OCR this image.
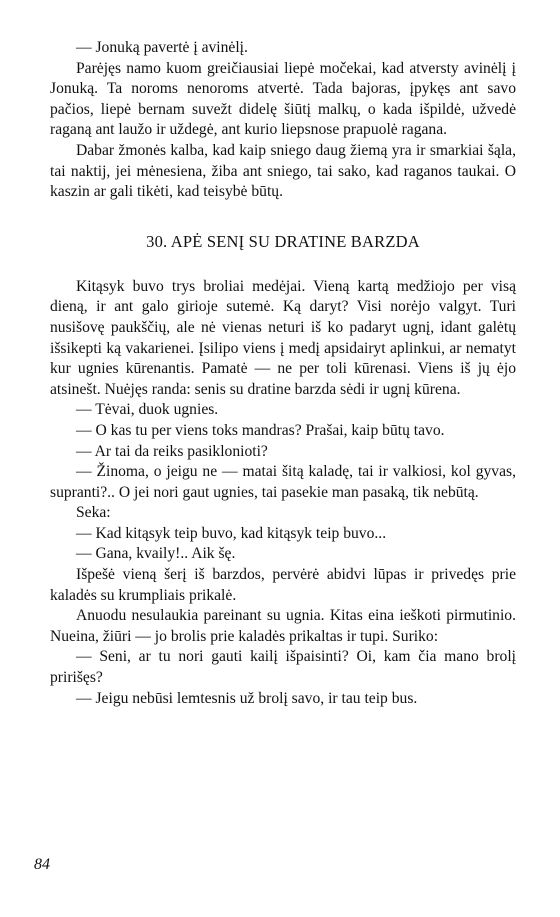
— Jonuką pavertė į avinėlį.

Parėjęs namo kuom greičiausiai liepė močekai, kad atversty avinėlį į Jonuką. Ta noroms nenoroms atvertė. Tada bajoras, įpykęs ant savo pačios, liepė bernam suvežt didelę šiūtį malkų, o kada išpildė, užvedė raganą ant laužo ir uždegė, ant kurio liepsnose prapuolė ragana.

Dabar žmonės kalba, kad kaip sniego daug žiemą yra ir smarkiai šąla, tai naktij, jei mėnesiena, žiba ant sniego, tai sako, kad raganos taukai. O kaszin ar gali tikėti, kad teisybė būtų.

30. APĖ SENĮ SU DRATINE BARZDA

Kitąsyk buvo trys broliai medėjai. Vieną kartą medžiojo per visą dieną, ir ant galo girioje sutemė. Ką daryt? Visi norėjo valgyt. Turi nusišovę paukščių, ale nė vienas neturi iš ko padaryt ugnį, idant galėtų išsikepti ką vakarienei. Įsilipo viens į medį apsidairyt aplinkui, ar nematyt kur ugnies kūrenantis. Pamatė — ne per toli kūrenasi. Viens iš jų ėjo atsinešt. Nuėjęs randa: senis su dratine barzda sėdi ir ugnį kūrena.

— Tėvai, duok ugnies.

— O kas tu per viens toks mandras? Prašai, kaip būtų tavo.

— Ar tai da reiks pasiklonioti?

— Žinoma, o jeigu ne — matai šitą kaladę, tai ir valkiosi, kol gyvas, supranti?.. O jei nori gaut ugnies, tai pasekie man pasaką, tik nebūtą.

Seka:

— Kad kitąsyk teip buvo, kad kitąsyk teip buvo...

— Gana, kvaily!.. Aik šę.

Išpešė vieną šerį iš barzdos, pervėrė abidvi lūpas ir privedęs prie kaladės su krumpliais prikalė.

Anuodu nesulaukia pareinant su ugnia. Kitas eina ieškoti pirmutinio. Nueina, žiūri — jo brolis prie kaladės prikaltas ir tupi. Suriko:

— Seni, ar tu nori gauti kailį išpaisinti? Oi, kam čia mano brolį pririšęs?

— Jeigu nebūsi lemtesnis už brolį savo, ir tau teip bus.

84
